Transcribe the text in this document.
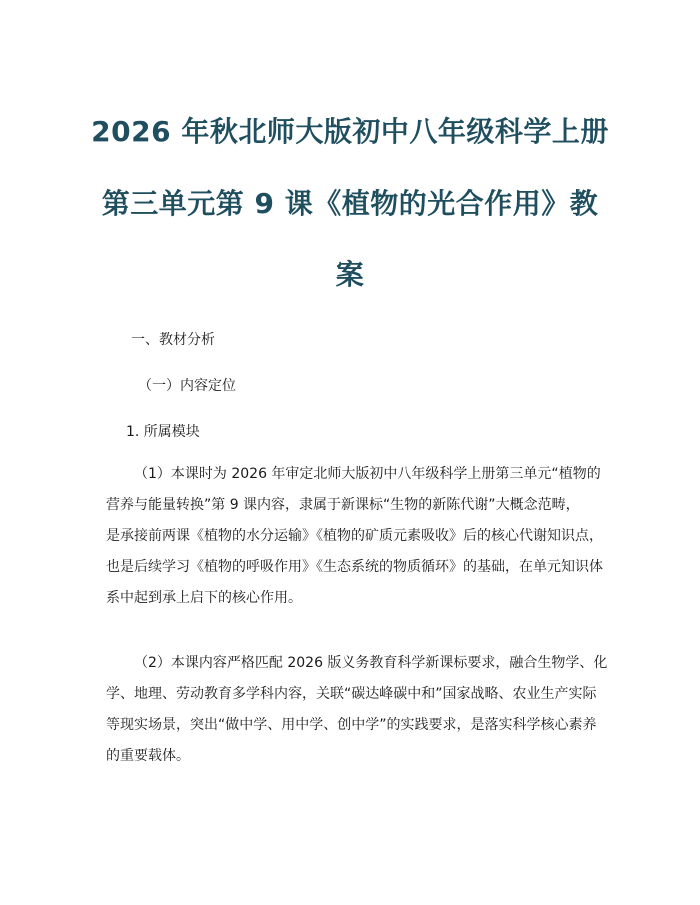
2026 年秋北师大版初中八年级科学上册
第三单元第 9 课《植物的光合作用》教
案
一、教材分析
（一）内容定位
1. 所属模块
（1）本课时为 2026 年审定北师大版初中八年级科学上册第三单元“植物的
营养与能量转换”第 9 课内容，隶属于新课标“生物的新陈代谢”大概念范畴，
是承接前两课《植物的水分运输》《植物的矿质元素吸收》后的核心代谢知识点，
也是后续学习《植物的呼吸作用》《生态系统的物质循环》的基础，在单元知识体
系中起到承上启下的核心作用。
（2）本课内容严格匹配 2026 版义务教育科学新课标要求，融合生物学、化
学、地理、劳动教育多学科内容，关联“碳达峰碳中和”国家战略、农业生产实际
等现实场景，突出“做中学、用中学、创中学”的实践要求，是落实科学核心素养
的重要载体。
